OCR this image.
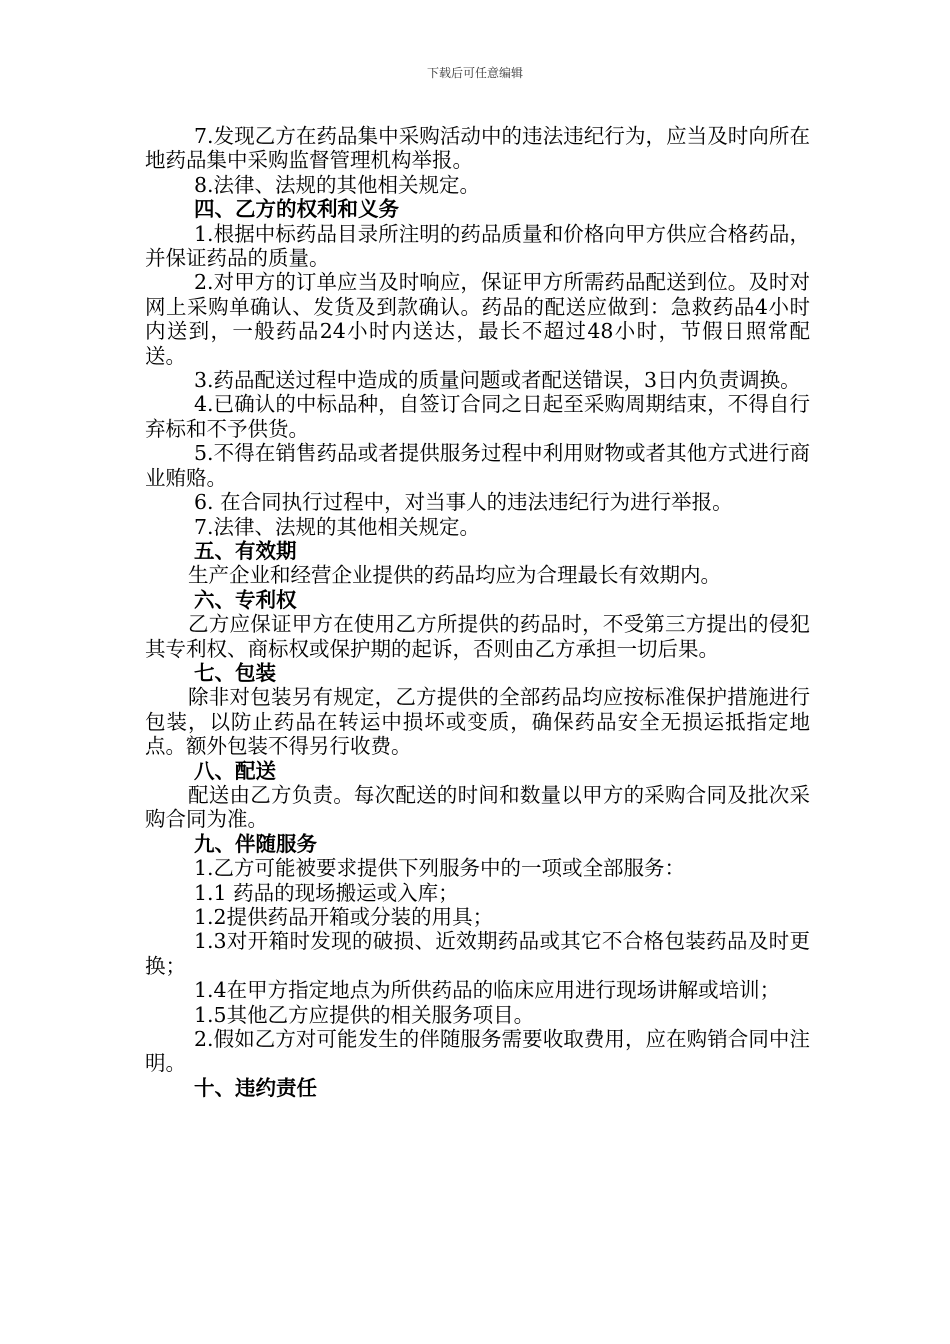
下载后可任意编辑

7.发现乙方在药品集中采购活动中的违法违纪行为，应当及时向所在地药品集中采购监督管理机构举报。

8.法律、法规的其他相关规定。

四、乙方的权利和义务

1.根据中标药品目录所注明的药品质量和价格向甲方供应合格药品，并保证药品的质量。

2.对甲方的订单应当及时响应，保证甲方所需药品配送到位。及时对网上采购单确认、发货及到款确认。药品的配送应做到：急救药品4小时内送到，一般药品24小时内送达，最长不超过48小时，节假日照常配送。

3.药品配送过程中造成的质量问题或者配送错误，3日内负责调换。

4.已确认的中标品种，自签订合同之日起至采购周期结束，不得自行弃标和不予供货。

5.不得在销售药品或者提供服务过程中利用财物或者其他方式进行商业贿赂。

6. 在合同执行过程中，对当事人的违法违纪行为进行举报。

7.法律、法规的其他相关规定。

五、有效期

生产企业和经营企业提供的药品均应为合理最长有效期内。

六、专利权

乙方应保证甲方在使用乙方所提供的药品时，不受第三方提出的侵犯其专利权、商标权或保护期的起诉，否则由乙方承担一切后果。

七、包装

除非对包装另有规定，乙方提供的全部药品均应按标准保护措施进行包装，以防止药品在转运中损坏或变质，确保药品安全无损运抵指定地点。额外包装不得另行收费。

八、配送

配送由乙方负责。每次配送的时间和数量以甲方的采购合同及批次采购合同为准。

九、伴随服务

1.乙方可能被要求提供下列服务中的一项或全部服务：

1.1 药品的现场搬运或入库；

1.2提供药品开箱或分装的用具；

1.3对开箱时发现的破损、近效期药品或其它不合格包装药品及时更换；

1.4在甲方指定地点为所供药品的临床应用进行现场讲解或培训；

1.5其他乙方应提供的相关服务项目。

2.假如乙方对可能发生的伴随服务需要收取费用，应在购销合同中注明。

十、违约责任
